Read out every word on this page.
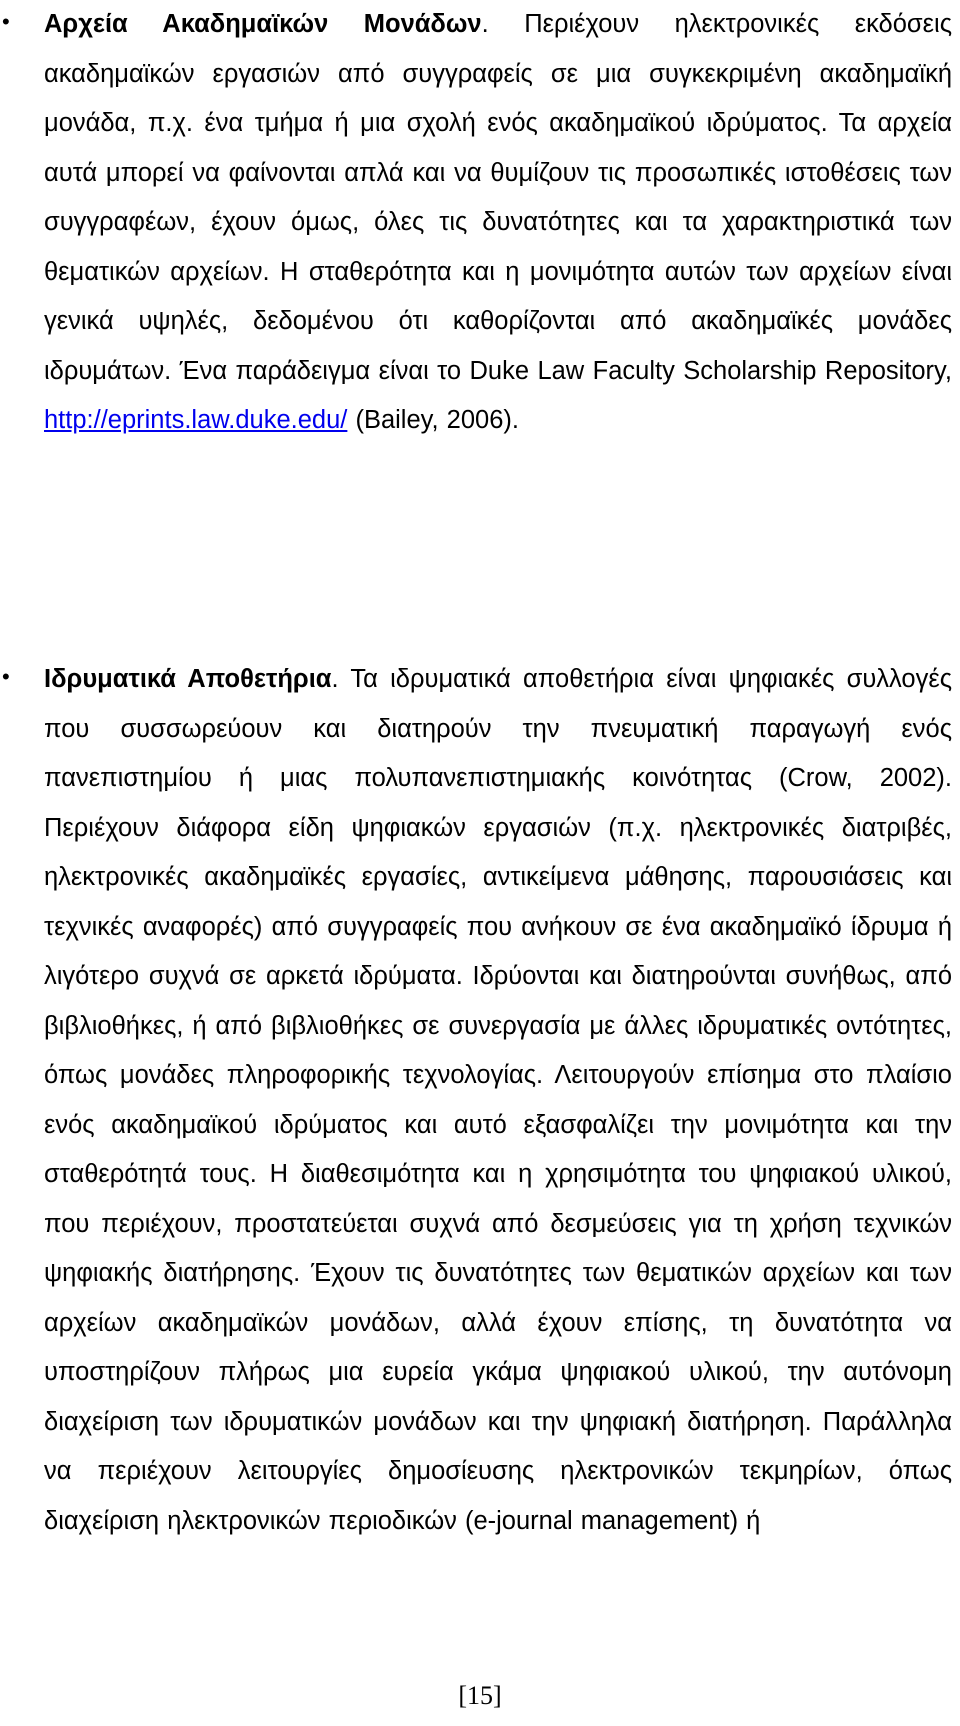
• Αρχεία Ακαδημαϊκών Μονάδων. Περιέχουν ηλεκτρονικές εκδόσεις ακαδημαϊκών εργασιών από συγγραφείς σε μια συγκεκριμένη ακαδημαϊκή μονάδα, π.χ. ένα τμήμα ή μια σχολή ενός ακαδημαϊκού ιδρύματος. Τα αρχεία αυτά μπορεί να φαίνονται απλά και να θυμίζουν τις προσωπικές ιστοθέσεις των συγγραφέων, έχουν όμως, όλες τις δυνατότητες και τα χαρακτηριστικά των θεματικών αρχείων. Η σταθερότητα και η μονιμότητα αυτών των αρχείων είναι γενικά υψηλές, δεδομένου ότι καθορίζονται από ακαδημαϊκές μονάδες ιδρυμάτων. Ένα παράδειγμα είναι το Duke Law Faculty Scholarship Repository, http://eprints.law.duke.edu/ (Bailey, 2006).

• Ιδρυματικά Αποθετήρια. Τα ιδρυματικά αποθετήρια είναι ψηφιακές συλλογές που συσσωρεύουν και διατηρούν την πνευματική παραγωγή ενός πανεπιστημίου ή μιας πολυπανεπιστημιακής κοινότητας (Crow, 2002). Περιέχουν διάφορα είδη ψηφιακών εργασιών (π.χ. ηλεκτρονικές διατριβές, ηλεκτρονικές ακαδημαϊκές εργασίες, αντικείμενα μάθησης, παρουσιάσεις και τεχνικές αναφορές) από συγγραφείς που ανήκουν σε ένα ακαδημαϊκό ίδρυμα ή λιγότερο συχνά σε αρκετά ιδρύματα. Ιδρύονται και διατηρούνται συνήθως, από βιβλιοθήκες, ή από βιβλιοθήκες σε συνεργασία με άλλες ιδρυματικές οντότητες, όπως μονάδες πληροφορικής τεχνολογίας. Λειτουργούν επίσημα στο πλαίσιο ενός ακαδημαϊκού ιδρύματος και αυτό εξασφαλίζει την μονιμότητα και την σταθερότητά τους. Η διαθεσιμότητα και η χρησιμότητα του ψηφιακού υλικού, που περιέχουν, προστατεύεται συχνά από δεσμεύσεις για τη χρήση τεχνικών ψηφιακής διατήρησης. Έχουν τις δυνατότητες των θεματικών αρχείων και των αρχείων ακαδημαϊκών μονάδων, αλλά έχουν επίσης, τη δυνατότητα να υποστηρίζουν πλήρως μια ευρεία γκάμα ψηφιακού υλικού, την αυτόνομη διαχείριση των ιδρυματικών μονάδων και την ψηφιακή διατήρηση. Παράλληλα να περιέχουν λειτουργίες δημοσίευσης ηλεκτρονικών τεκμηρίων, όπως διαχείριση ηλεκτρονικών περιοδικών (e-journal management) ή

[15]
